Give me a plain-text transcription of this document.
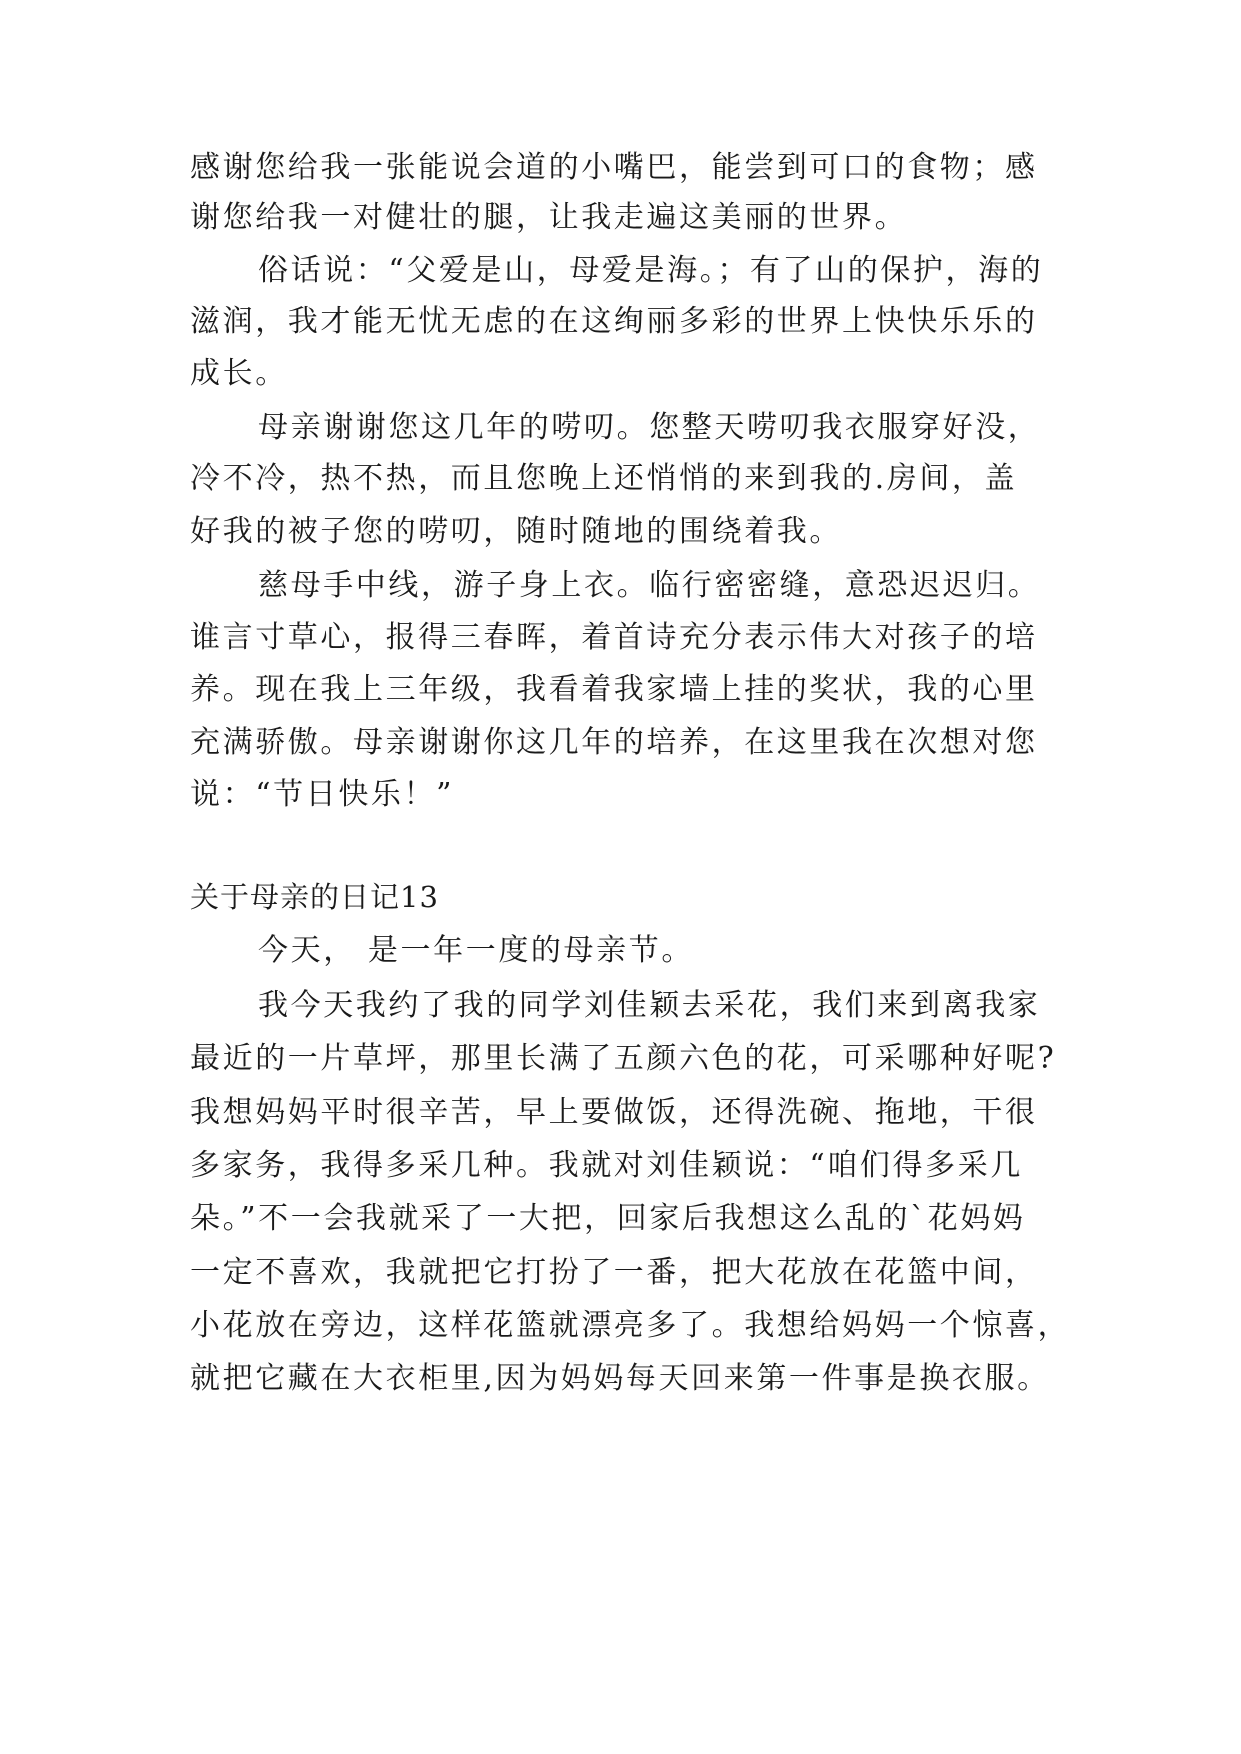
感谢您给我一张能说会道的小嘴巴，能尝到可口的食物；感
谢您给我一对健壮的腿，让我走遍这美丽的世界。
俗话说：“父爱是山，母爱是海。；有了山的保护，海的
滋润，我才能无忧无虑的在这绚丽多彩的世界上快快乐乐的
成长。
母亲谢谢您这几年的唠叨。您整天唠叨我衣服穿好没，
冷不冷，热不热，而且您晚上还悄悄的来到我的.房间，盖
好我的被子您的唠叨，随时随地的围绕着我。
慈母手中线，游子身上衣。临行密密缝，意恐迟迟归。
谁言寸草心，报得三春晖，着首诗充分表示伟大对孩子的培
养。现在我上三年级，我看着我家墙上挂的奖状，我的心里
充满骄傲。母亲谢谢你这几年的培养，在这里我在次想对您
说：“节日快乐！”
关于母亲的日记13
今天， 是一年一度的母亲节。
我今天我约了我的同学刘佳颖去采花，我们来到离我家
最近的一片草坪，那里长满了五颜六色的花，可采哪种好呢?
我想妈妈平时很辛苦，早上要做饭，还得洗碗、拖地，干很
多家务，我得多采几种。我就对刘佳颖说：“咱们得多采几
朵。”不一会我就采了一大把，回家后我想这么乱的`花妈妈
一定不喜欢，我就把它打扮了一番，把大花放在花篮中间，
小花放在旁边，这样花篮就漂亮多了。我想给妈妈一个惊喜，
就把它藏在大衣柜里,因为妈妈每天回来第一件事是换衣服。
